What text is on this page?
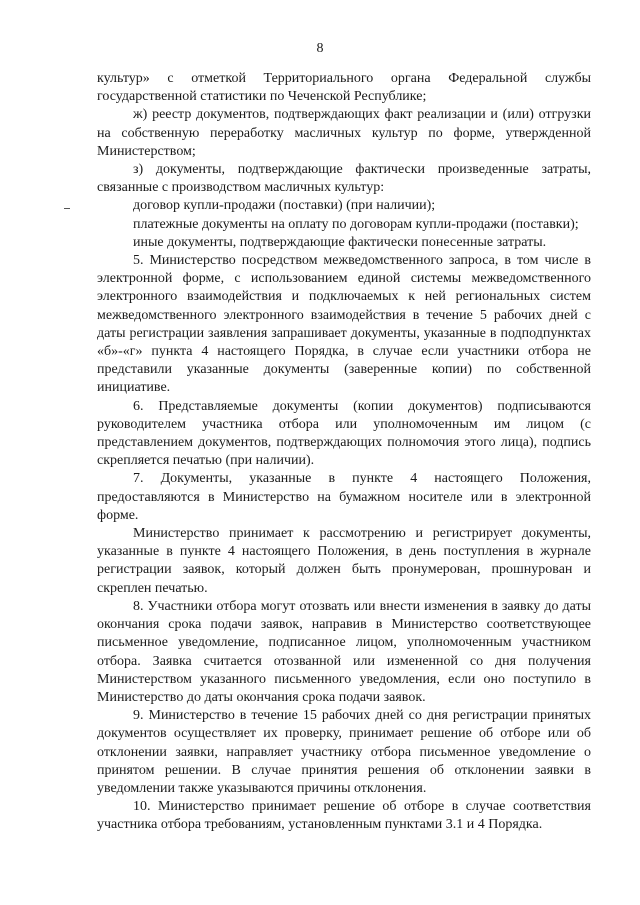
8

культур» с отметкой Территориального органа Федеральной службы государственной статистики по Чеченской Республике;

ж) реестр документов, подтверждающих факт реализации и (или) отгрузки на собственную переработку масличных культур по форме, утвержденной Министерством;

з) документы, подтверждающие фактически произведенные затраты, связанные с производством масличных культур:

договор купли-продажи (поставки) (при наличии);

платежные документы на оплату по договорам купли-продажи (поставки);

иные документы, подтверждающие фактически понесенные затраты.

5. Министерство посредством межведомственного запроса, в том числе в электронной форме, с использованием единой системы межведомственного электронного взаимодействия и подключаемых к ней региональных систем межведомственного электронного взаимодействия в течение 5 рабочих дней с даты регистрации заявления запрашивает документы, указанные в подподпунктах «б»-«г» пункта 4 настоящего Порядка, в случае если участники отбора не представили указанные документы (заверенные копии) по собственной инициативе.

6. Представляемые документы (копии документов) подписываются руководителем участника отбора или уполномоченным им лицом (с представлением документов, подтверждающих полномочия этого лица), подпись скрепляется печатью (при наличии).

7. Документы, указанные в пункте 4 настоящего Положения, предоставляются в Министерство на бумажном носителе или в электронной форме.

Министерство принимает к рассмотрению и регистрирует документы, указанные в пункте 4 настоящего Положения, в день поступления в журнале регистрации заявок, который должен быть пронумерован, прошнурован и скреплен печатью.

8. Участники отбора могут отозвать или внести изменения в заявку до даты окончания срока подачи заявок, направив в Министерство соответствующее письменное уведомление, подписанное лицом, уполномоченным участником отбора. Заявка считается отозванной или измененной со дня получения Министерством указанного письменного уведомления, если оно поступило в Министерство до даты окончания срока подачи заявок.

9. Министерство в течение 15 рабочих дней со дня регистрации принятых документов осуществляет их проверку, принимает решение об отборе или об отклонении заявки, направляет участнику отбора письменное уведомление о принятом решении. В случае принятия решения об отклонении заявки в уведомлении также указываются причины отклонения.

10. Министерство принимает решение об отборе в случае соответствия участника отбора требованиям, установленным пунктами 3.1 и 4 Порядка.
